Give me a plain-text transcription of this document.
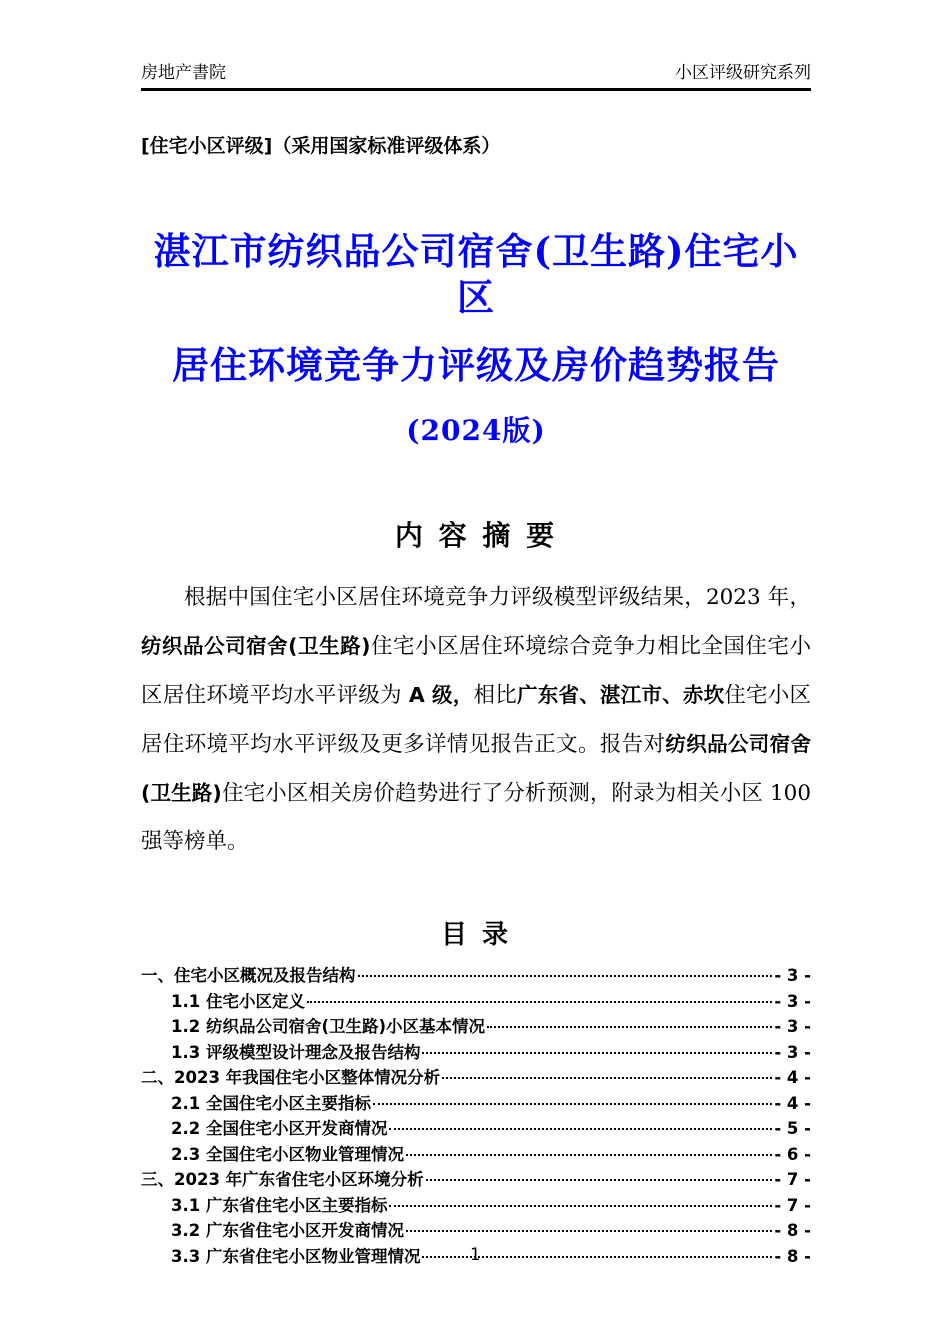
房地产書院	小区评级研究系列
[住宅小区评级]（采用国家标准评级体系）
湛江市纺织品公司宿舍(卫生路)住宅小区
居住环境竞争力评级及房价趋势报告
(2024版)
内 容 摘 要

根据中国住宅小区居住环境竞争力评级模型评级结果，2023 年，纺织品公司宿舍(卫生路)住宅小区居住环境综合竞争力相比全国住宅小区居住环境平均水平评级为 A 级，相比广东省、湛江市、赤坎住宅小区居住环境平均水平评级及更多详情见报告正文。报告对纺织品公司宿舍(卫生路)住宅小区相关房价趋势进行了分析预测，附录为相关小区 100 强等榜单。

目 录
一、住宅小区概况及报告结构	- 3 -
1.1 住宅小区定义	- 3 -
1.2 纺织品公司宿舍(卫生路)小区基本情况	- 3 -
1.3 评级模型设计理念及报告结构	- 3 -
二、2023 年我国住宅小区整体情况分析	- 4 -
2.1 全国住宅小区主要指标	- 4 -
2.2 全国住宅小区开发商情况	- 5 -
2.3 全国住宅小区物业管理情况	- 6 -
三、2023 年广东省住宅小区环境分析	- 7 -
3.1 广东省住宅小区主要指标	- 7 -
3.2 广东省住宅小区开发商情况	- 8 -
3.3 广东省住宅小区物业管理情况	- 8 -
1
